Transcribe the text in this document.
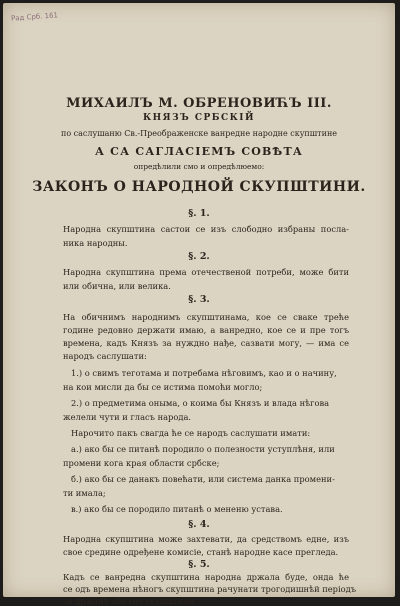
Рад Срб. 161
МИХАИЛЪ М. ОБРЕНОВИЋЪ III.
КНЯЗЪ СРБСКІЙ
по саслушаню Св.-Преображенске ванредне народне скупштине
А СА САГЛАСІЕМЪ СОВѢТА
опредѣлили смо и опредѣлюемо:
ЗАКОНЪ О НАРОДНОЙ СКУПШТИНИ.
§. 1.
Народна скупштина састои се изъ слободно избраны посла-
ника народны.
§. 2.
Народна скупштина према отечественой потреби, може бити
или обична, или велика.
§. 3.
На обичнимъ народнимъ скупштинама, кое се сваке треће
године редовно держати имаю, а ванредно, кое се и пре тогъ
времена, кадъ Князъ за нуждно нађе, сазвати могу, — има се
народъ саслушати:
1.) о свимъ теготама и потребама нѣговимъ, као и о начину,
на кои мисли да бы се истима помоћи могло;
2.) о предметима оныма, о коима бы Князъ и влада нѣгова
желели чути и гласъ народа.
Нарочито пакъ свагда ће се народъ саслушати имати:
а.) ако бы се питанѣ породило о полезности уступлѣня, или
промени кога края области србске;
б.) ако бы се данакъ повећати, или система данка промени-
ти имала;
в.) ако бы се породило питанѣ о мененю устава.
§. 4.
Народна скупштина може захтевати, да средствомъ едне, изъ
свое средине одређене комисіе, станѣ народне касе прегледа.
§. 5.
Кадъ се ванредна скупштина народна држала буде, онда ће
се одъ времена нѣногъ скупштина рачунати трогодишнѣй періодъ
за држанѣ обичне скупштине.
